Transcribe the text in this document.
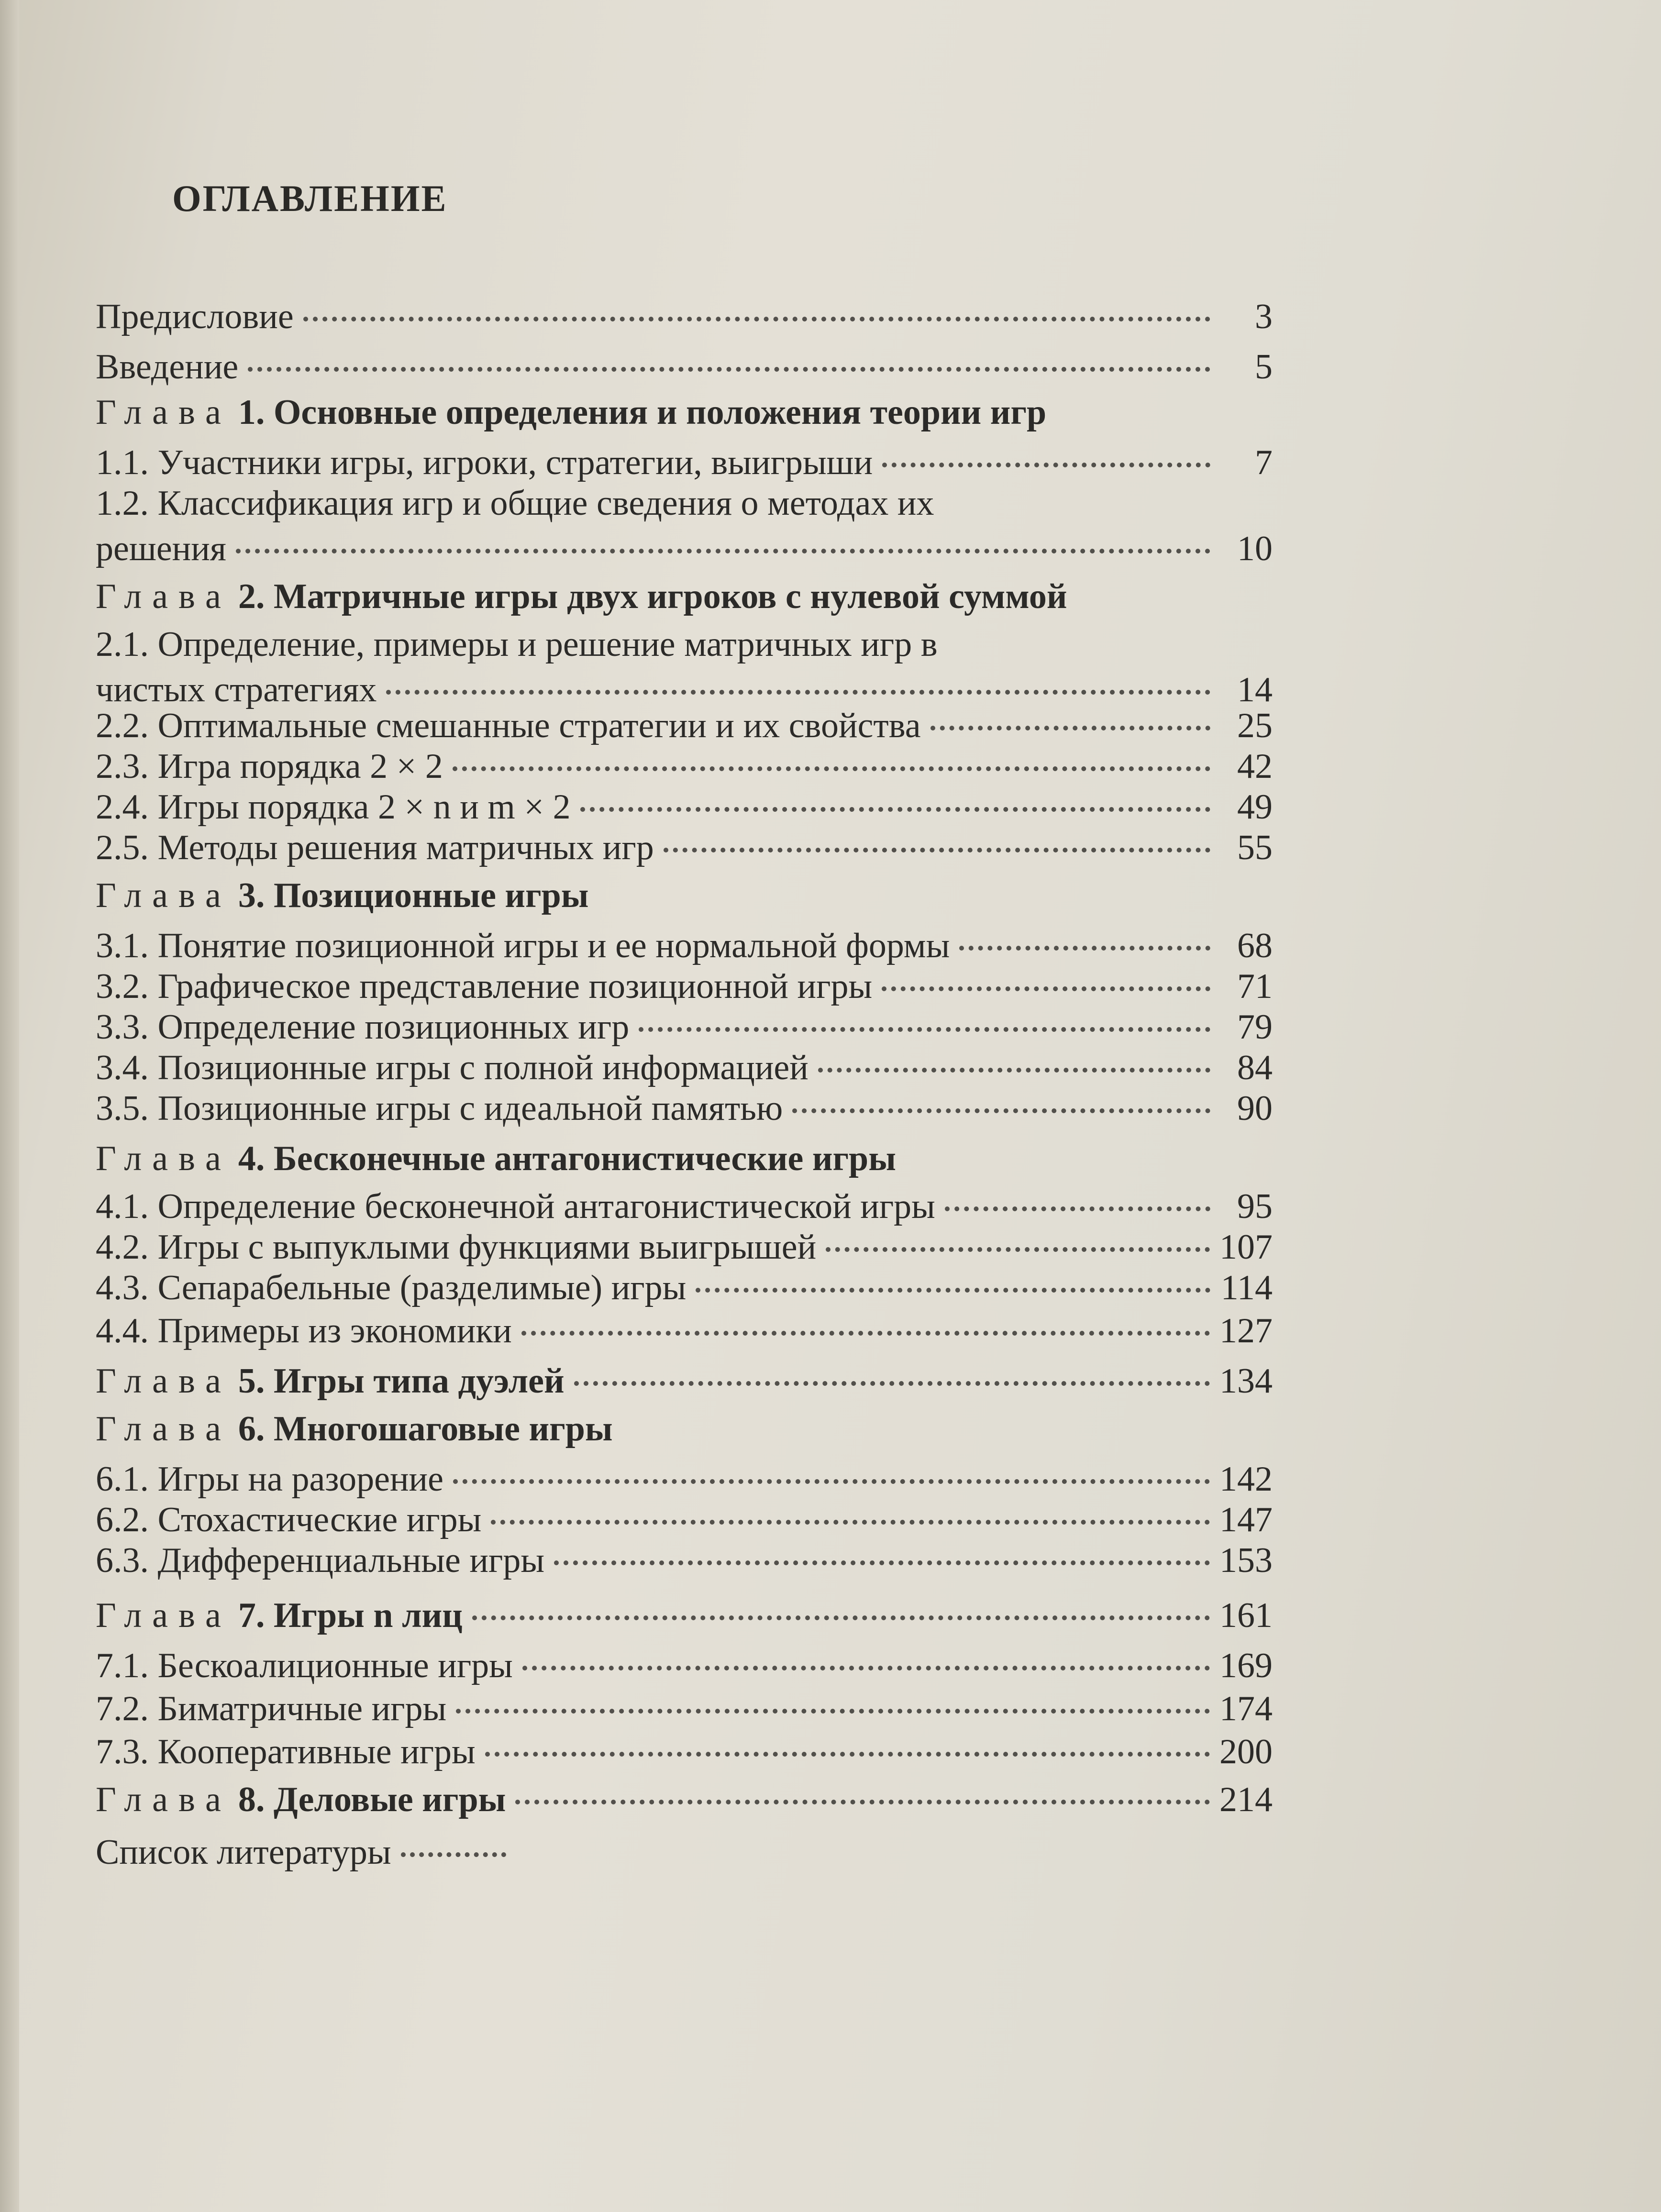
ОГЛАВЛЕНИЕ
Предисловие	3
Введение	5
Глава 1. Основные определения и положения теории игр
1.1. Участники игры, игроки, стратегии, выигрыши	7
1.2. Классификация игр и общие сведения о методах их
решения	10
Глава 2. Матричные игры двух игроков с нулевой суммой
2.1. Определение, примеры и решение матричных игр в
чистых стратегиях	14
2.2. Оптимальные смешанные стратегии и их свойства	25
2.3. Игра порядка 2 × 2	42
2.4. Игры порядка 2 × n и m × 2	49
2.5. Методы решения матричных игр	55
Глава 3. Позиционные игры
3.1. Понятие позиционной игры и ее нормальной формы	68
3.2. Графическое представление позиционной игры	71
3.3. Определение позиционных игр	79
3.4. Позиционные игры с полной информацией	84
3.5. Позиционные игры с идеальной памятью	90
Глава 4. Бесконечные антагонистические игры
4.1. Определение бесконечной антагонистической игры	95
4.2. Игры с выпуклыми функциями выигрышей	107
4.3. Сепарабельные (разделимые) игры	114
4.4. Примеры из экономики	127
Глава 5. Игры типа дуэлей	134
Глава 6. Многошаговые игры
6.1. Игры на разорение	142
6.2. Стохастические игры	147
6.3. Дифференциальные игры	153
Глава 7. Игры n лиц	161
7.1. Бескоалиционные игры	169
7.2. Биматричные игры	174
7.3. Кооперативные игры	200
Глава 8. Деловые игры	214
Список литературы
